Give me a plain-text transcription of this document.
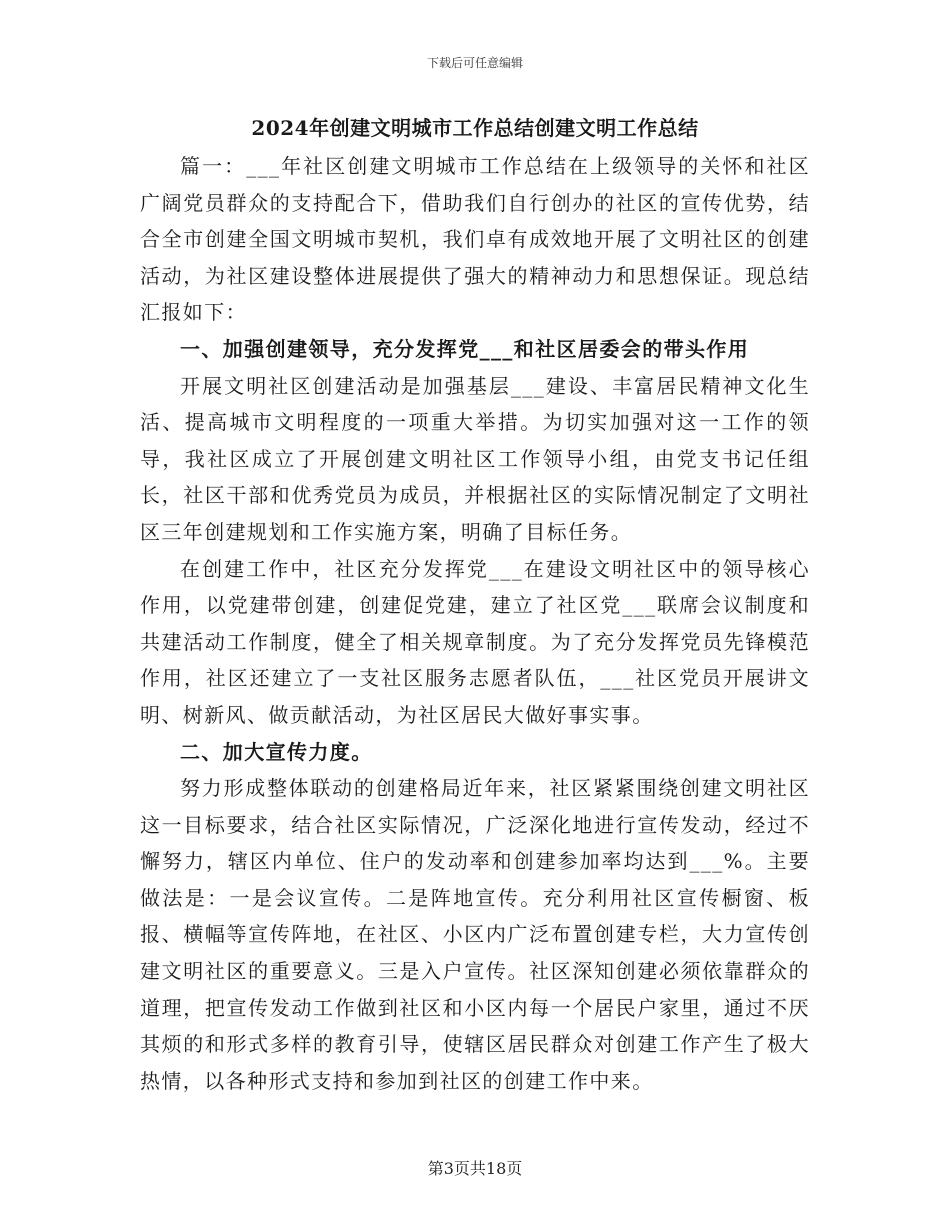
下载后可任意编辑
2024年创建文明城市工作总结创建文明工作总结

篇一：___年社区创建文明城市工作总结在上级领导的关怀和社区广阔党员群众的支持配合下，借助我们自行创办的社区的宣传优势，结合全市创建全国文明城市契机，我们卓有成效地开展了文明社区的创建活动，为社区建设整体进展提供了强大的精神动力和思想保证。现总结汇报如下：

一、加强创建领导，充分发挥党___和社区居委会的带头作用

开展文明社区创建活动是加强基层___建设、丰富居民精神文化生活、提高城市文明程度的一项重大举措。为切实加强对这一工作的领导，我社区成立了开展创建文明社区工作领导小组，由党支书记任组长，社区干部和优秀党员为成员，并根据社区的实际情况制定了文明社区三年创建规划和工作实施方案，明确了目标任务。

在创建工作中，社区充分发挥党___在建设文明社区中的领导核心作用，以党建带创建，创建促党建，建立了社区党___联席会议制度和共建活动工作制度，健全了相关规章制度。为了充分发挥党员先锋模范作用，社区还建立了一支社区服务志愿者队伍，___社区党员开展讲文明、树新风、做贡献活动，为社区居民大做好事实事。

二、加大宣传力度。

努力形成整体联动的创建格局近年来，社区紧紧围绕创建文明社区这一目标要求，结合社区实际情况，广泛深化地进行宣传发动，经过不懈努力，辖区内单位、住户的发动率和创建参加率均达到___%。主要做法是：一是会议宣传。二是阵地宣传。充分利用社区宣传橱窗、板报、横幅等宣传阵地，在社区、小区内广泛布置创建专栏，大力宣传创建文明社区的重要意义。三是入户宣传。社区深知创建必须依靠群众的道理，把宣传发动工作做到社区和小区内每一个居民户家里，通过不厌其烦的和形式多样的教育引导，使辖区居民群众对创建工作产生了极大热情，以各种形式支持和参加到社区的创建工作中来。

第3页共18页
